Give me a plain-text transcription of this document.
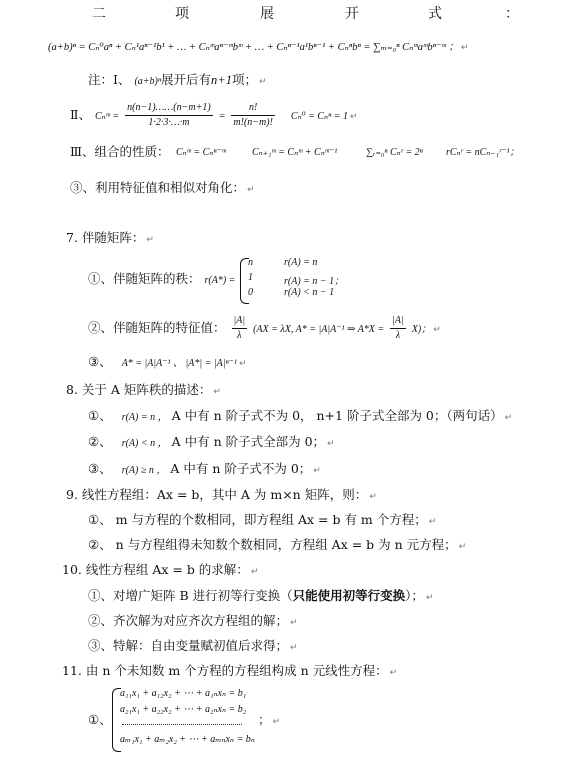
二	项	展	开	式	：
(a+b)ⁿ = Cₙ⁰aⁿ + Cₙ¹aⁿ⁻¹b¹ + … + Cₙᵐaⁿ⁻ᵐbᵐ + … + Cₙⁿ⁻¹a¹bⁿ⁻¹ + Cₙⁿbⁿ = ∑ₘ₌₀ⁿ Cₙᵐaᵐbⁿ⁻ᵐ ； ↵
注：Ⅰ、 (a+b)ⁿ展开后有n+1项； ↵
Ⅱ、 Cₙᵐ = $\frac{n(n-1)\dots\dots(n-m+1)}{1\cdot 2\cdot 3\cdot\dots\cdot m} = \frac{n!}{m!(n-m)!} C_n^0 = C_n^n = 1$ ↵
Ⅲ、组合的性质： Cₙᵐ = Cₙⁿ⁻ᵐ	Cₙ₊₁ᵐ = Cₙᵐ + Cₙᵐ⁻¹	∑ᵣ₌₀ⁿ Cₙʳ = 2ⁿ rCₙʳ = nCₙ₋₁ʳ⁻¹；
③、利用特征值和相似对角化： ↵
7. 伴随矩阵： ↵
①、伴随矩阵的秩： r(A*) =
n	r(A) = n
1	r(A) = n − 1；
0	r(A) < n − 1
②、伴随矩阵的特征值： $\frac{|A|}{\lambda} (AX = \lambda X$, A* = |A|A⁻¹ ⇒ $A*X = \frac{|A|}{\lambda} X$)； ↵
③、 A* = |A|A⁻¹ 、 |A*| = |A|ⁿ⁻¹ ↵
8. 关于 A 矩阵秩的描述： ↵
①、 r(A) = n ， A 中有 n 阶子式不为 0， n+1 阶子式全部为 0；（两句话） ↵
②、 r(A) < n ， A 中有 n 阶子式全部为 0； ↵
③、 r(A) ≥ n ， A 中有 n 阶子式不为 0； ↵
9. 线性方程组：Ax = b，其中 A 为 m×n 矩阵，则： ↵
①、 m 与方程的个数相同，即方程组 Ax = b 有 m 个方程； ↵
②、 n 与方程组得未知数个数相同，方程组 Ax = b 为 n 元方程； ↵
10. 线性方程组 Ax = b 的求解： ↵
①、对增广矩阵 B 进行初等行变换（只能使用初等行变换）； ↵
②、齐次解为对应齐次方程组的解； ↵
③、特解：自由变量赋初值后求得； ↵
11. 由 n 个未知数 m 个方程的方程组构成 n 元线性方程： ↵
①、
a₁₁x₁ + a₁₂x₂ + ⋯ + a₁ₙxₙ = b₁
a₂₁x₁ + a₂₂x₂ + ⋯ + a₂ₙxₙ = b₂
aₘ₁x₁ + aₘ₂x₂ + ⋯ + aₘₙxₙ = bₙ
； ↵
